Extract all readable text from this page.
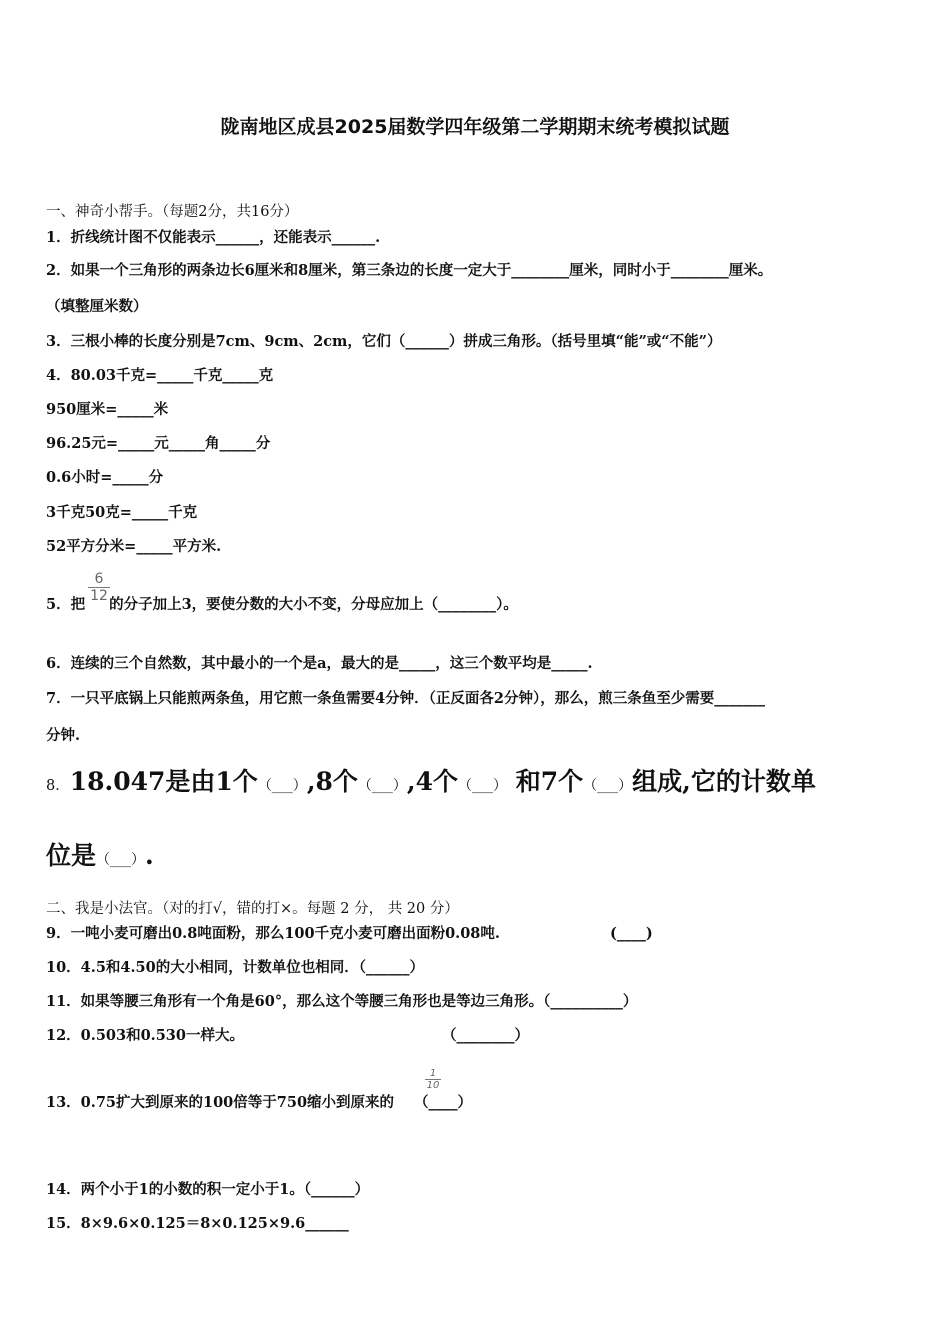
陇南地区成县2025届数学四年级第二学期期末统考模拟试题
一、神奇小帮手。（每题2分，共16分）
1．折线统计图不仅能表示______，还能表示______.
2．如果一个三角形的两条边长6厘米和8厘米，第三条边的长度一定大于________厘米，同时小于________厘米。
（填整厘米数）
3．三根小棒的长度分别是7cm、9cm、2cm，它们（______）拼成三角形。（括号里填“能”或“不能”）
4．80.03千克=_____千克_____克
950厘米=_____米
96.25元=_____元_____角_____分
0.6小时=_____分
3千克50克=_____千克
52平方分米=_____平方米.
5．把 的分子加上3，要使分数的大小不变，分母应加上（________）。
6
12
6．连续的三个自然数，其中最小的一个是a，最大的是_____，这三个数平均是_____.
7．一只平底锅上只能煎两条鱼，用它煎一条鱼需要4分钟．（正反面各2分钟），那么，煎三条鱼至少需要_______
分钟.
8．18.047是由1个（___）,8个（___）,4个（___） 和7个（___）组成,它的计数单
位是（___）.
二、我是小法官。（对的打√，错的打×。每题 2 分， 共 20 分）
9．一吨小麦可磨出0.8吨面粉，那么100千克小麦可磨出面粉0.08吨.	(____)
10．4.5和4.50的大小相同，计数单位也相同．（______）
11．如果等腰三角形有一个角是60°，那么这个等腰三角形也是等边三角形。（__________）
12．0.503和0.530一样大。	（________）
13．0.75扩大到原来的100倍等于750缩小到原来的 （____）
1
10
14．两个小于1的小数的积一定小于1。（______）
15．8×9.6×0.125＝8×0.125×9.6______
